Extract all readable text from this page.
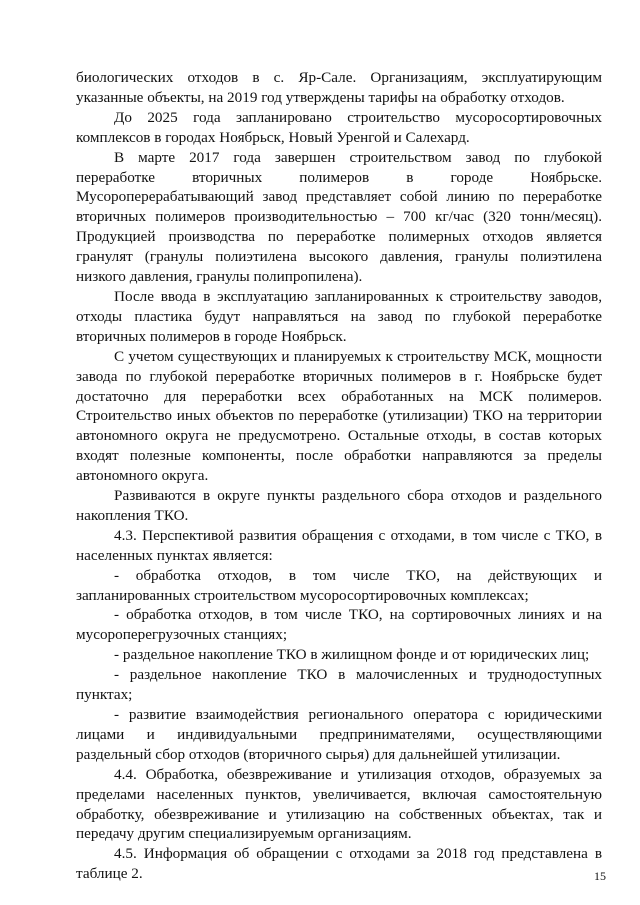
биологических отходов в с. Яр-Сале. Организациям, эксплуатирующим указанные объекты, на 2019 год утверждены тарифы на обработку отходов.

До 2025 года запланировано строительство мусоросортировочных комплексов в городах Ноябрьск, Новый Уренгой и Салехард.

В марте 2017 года завершен строительством завод по глубокой переработке вторичных полимеров в городе Ноябрьске. Мусороперерабатывающий завод представляет собой линию по переработке вторичных полимеров производительностью – 700 кг/час (320 тонн/месяц). Продукцией производства по переработке полимерных отходов является гранулят (гранулы полиэтилена высокого давления, гранулы полиэтилена низкого давления, гранулы полипропилена).

После ввода в эксплуатацию запланированных к строительству заводов, отходы пластика будут направляться на завод по глубокой переработке вторичных полимеров в городе Ноябрьск.

С учетом существующих и планируемых к строительству МСК, мощности завода по глубокой переработке вторичных полимеров в г. Ноябрьске будет достаточно для переработки всех обработанных на МСК полимеров. Строительство иных объектов по переработке (утилизации) ТКО на территории автономного округа не предусмотрено. Остальные отходы, в состав которых входят полезные компоненты, после обработки направляются за пределы автономного округа.

Развиваются в округе пункты раздельного сбора отходов и раздельного накопления ТКО.

4.3. Перспективой развития обращения с отходами, в том числе с ТКО, в населенных пунктах является:

- обработка отходов, в том числе ТКО, на действующих и запланированных строительством мусоросортировочных комплексах;

- обработка отходов, в том числе ТКО, на сортировочных линиях и на мусороперегрузочных станциях;

- раздельное накопление ТКО в жилищном фонде и от юридических лиц;

- раздельное накопление ТКО в малочисленных и труднодоступных пунктах;

- развитие взаимодействия регионального оператора с юридическими лицами и индивидуальными предпринимателями, осуществляющими раздельный сбор отходов (вторичного сырья) для дальнейшей утилизации.

4.4. Обработка, обезвреживание и утилизация отходов, образуемых за пределами населенных пунктов, увеличивается, включая самостоятельную обработку, обезвреживание и утилизацию на собственных объектах, так и передачу другим специализируемым организациям.

4.5. Информация об обращении с отходами за 2018 год представлена в таблице 2.	15
